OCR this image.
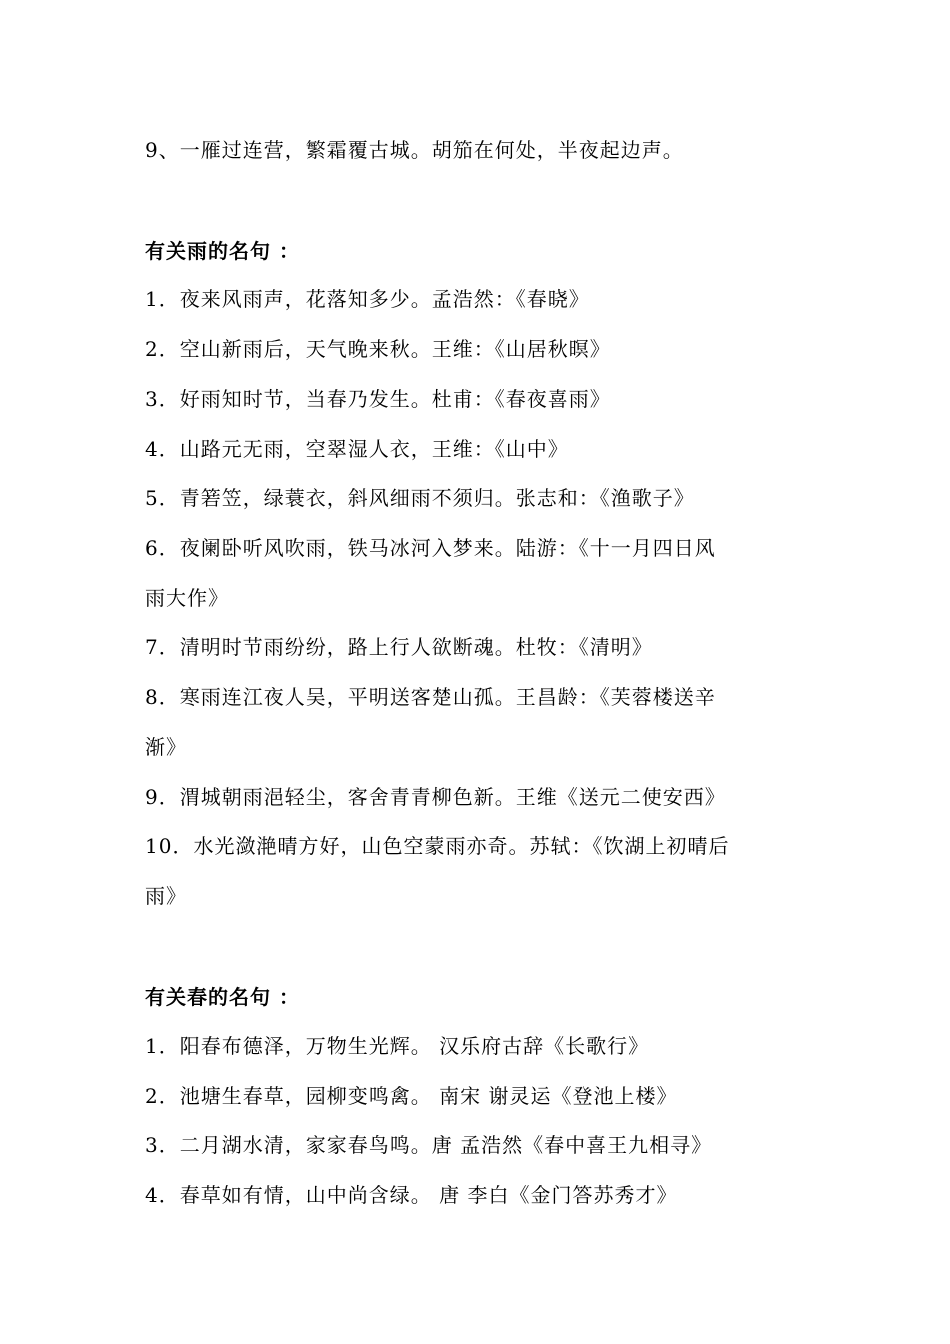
9、一雁过连营，繁霜覆古城。胡笳在何处，半夜起边声。
有关雨的名句 ：
1．夜来风雨声，花落知多少。孟浩然：《春晓》
2．空山新雨后，天气晚来秋。王维：《山居秋暝》
3．好雨知时节，当春乃发生。杜甫：《春夜喜雨》
4．山路元无雨，空翠湿人衣，王维：《山中》
5．青箬笠，绿蓑衣，斜风细雨不须归。张志和：《渔歌子》
6．夜阑卧听风吹雨，铁马冰河入梦来。陆游：《十一月四日风
雨大作》
7．清明时节雨纷纷，路上行人欲断魂。杜牧：《清明》
8．寒雨连江夜人吴，平明送客楚山孤。王昌龄：《芙蓉楼送辛
渐》
9．渭城朝雨浥轻尘，客舍青青柳色新。王维《送元二使安西》
10．水光潋滟晴方好，山色空蒙雨亦奇。苏轼：《饮湖上初晴后
雨》
有关春的名句 ：
1．阳春布德泽，万物生光辉。 汉乐府古辞《长歌行》
2．池塘生春草，园柳变鸣禽。 南宋 谢灵运《登池上楼》
3．二月湖水清，家家春鸟鸣。唐 孟浩然《春中喜王九相寻》
4．春草如有情，山中尚含绿。 唐 李白《金门答苏秀才》
